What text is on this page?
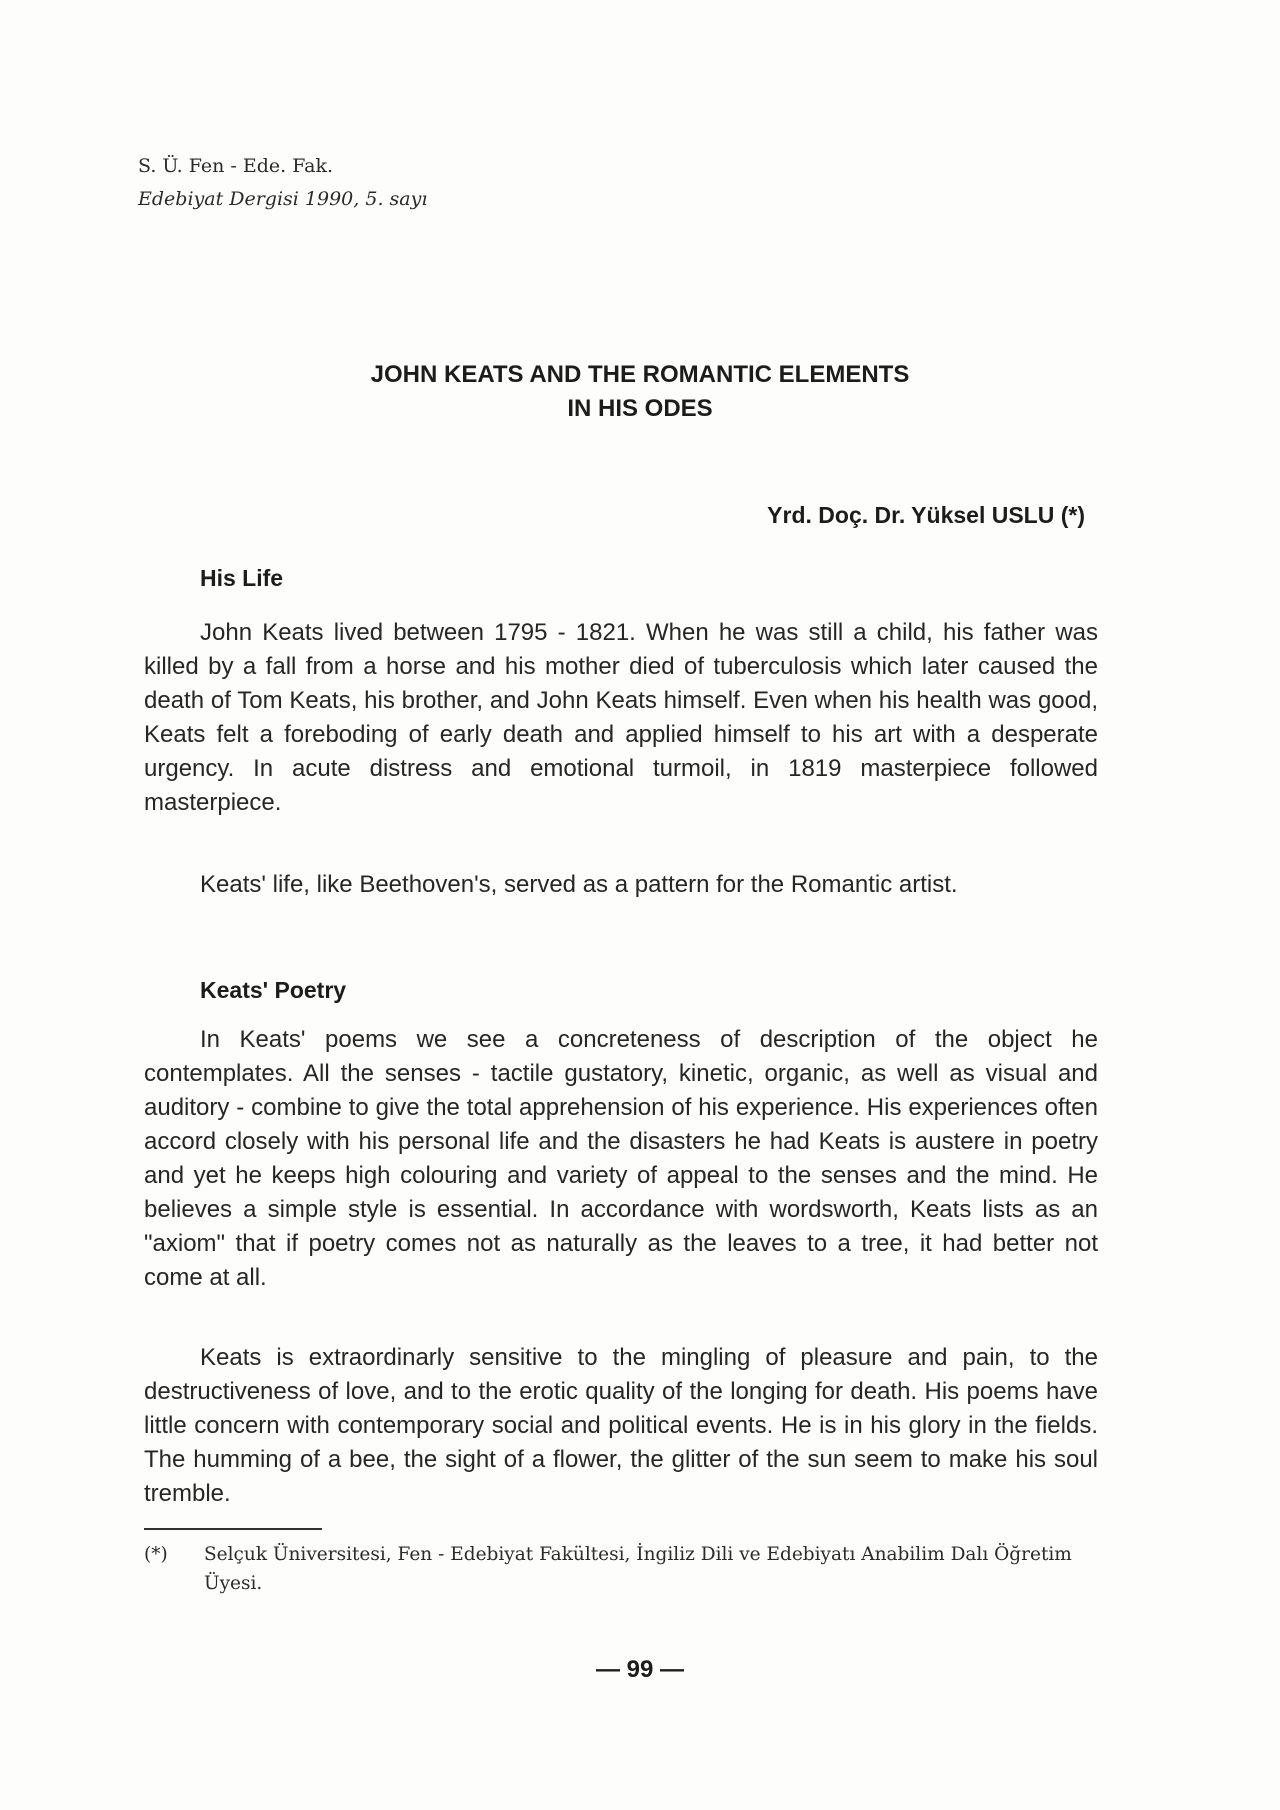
S. Ü. Fen - Ede. Fak.
Edebiyat Dergisi 1990, 5. sayı
JOHN KEATS AND THE ROMANTIC ELEMENTS
IN HIS ODES
Yrd. Doç. Dr. Yüksel USLU (*)
His Life

John Keats lived between 1795 - 1821. When he was still a child, his father was killed by a fall from a horse and his mother died of tuberculosis which later caused the death of Tom Keats, his brother, and John Keats himself. Even when his health was good, Keats felt a foreboding of early death and applied himself to his art with a desperate urgency. In acute distress and emotional turmoil, in 1819 masterpiece followed masterpiece.

Keats' life, like Beethoven's, served as a pattern for the Romantic artist.

Keats' Poetry

In Keats' poems we see a concreteness of description of the object he contemplates. All the senses - tactile gustatory, kinetic, organic, as well as visual and auditory - combine to give the total apprehension of his experience. His experiences often accord closely with his personal life and the disasters he had Keats is austere in poetry and yet he keeps high colouring and variety of appeal to the senses and the mind. He believes a simple style is essential. In accordance with wordsworth, Keats lists as an "axiom" that if poetry comes not as naturally as the leaves to a tree, it had better not come at all.

Keats is extraordinarly sensitive to the mingling of pleasure and pain, to the destructiveness of love, and to the erotic quality of the longing for death. His poems have little concern with contemporary social and political events. He is in his glory in the fields. The humming of a bee, the sight of a flower, the glitter of the sun seem to make his soul tremble.

(*) Selçuk Üniversitesi, Fen - Edebiyat Fakültesi, İngiliz Dili ve Edebiyatı Anabilim Dalı Öğretim Üyesi.
— 99 —
